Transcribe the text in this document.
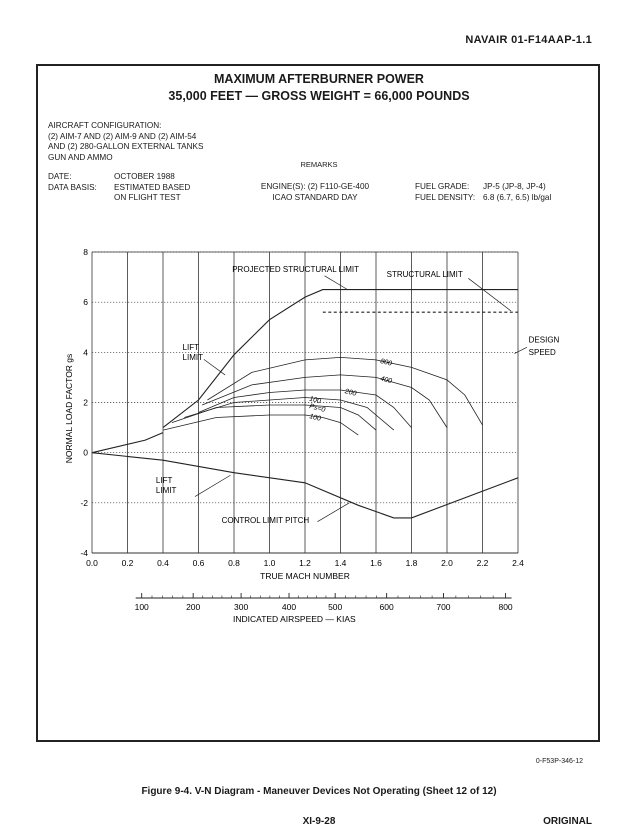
NAVAIR 01-F14AAP-1.1
MAXIMUM AFTERBURNER POWER
35,000 FEET — GROSS WEIGHT = 66,000 POUNDS
AIRCRAFT CONFIGURATION:
(2) AIM-7 AND (2) AIM-9 AND (2) AIM-54
AND (2) 280-GALLON EXTERNAL TANKS
GUN AND AMMO
REMARKS
DATE:	OCTOBER 1988
DATA BASIS:	ESTIMATED BASED
ON FLIGHT TEST
ENGINE(S): (2) F110-GE-400
ICAO STANDARD DAY
FUEL GRADE:	JP-5 (JP-8, JP-4)
FUEL DENSITY: 6.8 (6.7, 6.5) lb/gal
0.0	0.2	0.4	0.6	0.8	1.0	1.2	1.4	1.6	1.8	2.0	2.2	2.4
8
6
4
2
0
-2
-4
TRUE MACH NUMBER
NORMAL LOAD FACTOR gs	800
400
200
100
Ps=0
100
PROJECTED STRUCTURAL LIMIT
STRUCTURAL LIMIT
DESIGN
SPEED
LIFT
LIMIT
LIFT
LIMIT
CONTROL LIMIT PITCH
100	200	300	400	500	600	700	800
INDICATED AIRSPEED — KIAS
0-F53P-346-12
Figure 9-4. V-N Diagram - Maneuver Devices Not Operating (Sheet 12 of 12)
XI-9-28	ORIGINAL
